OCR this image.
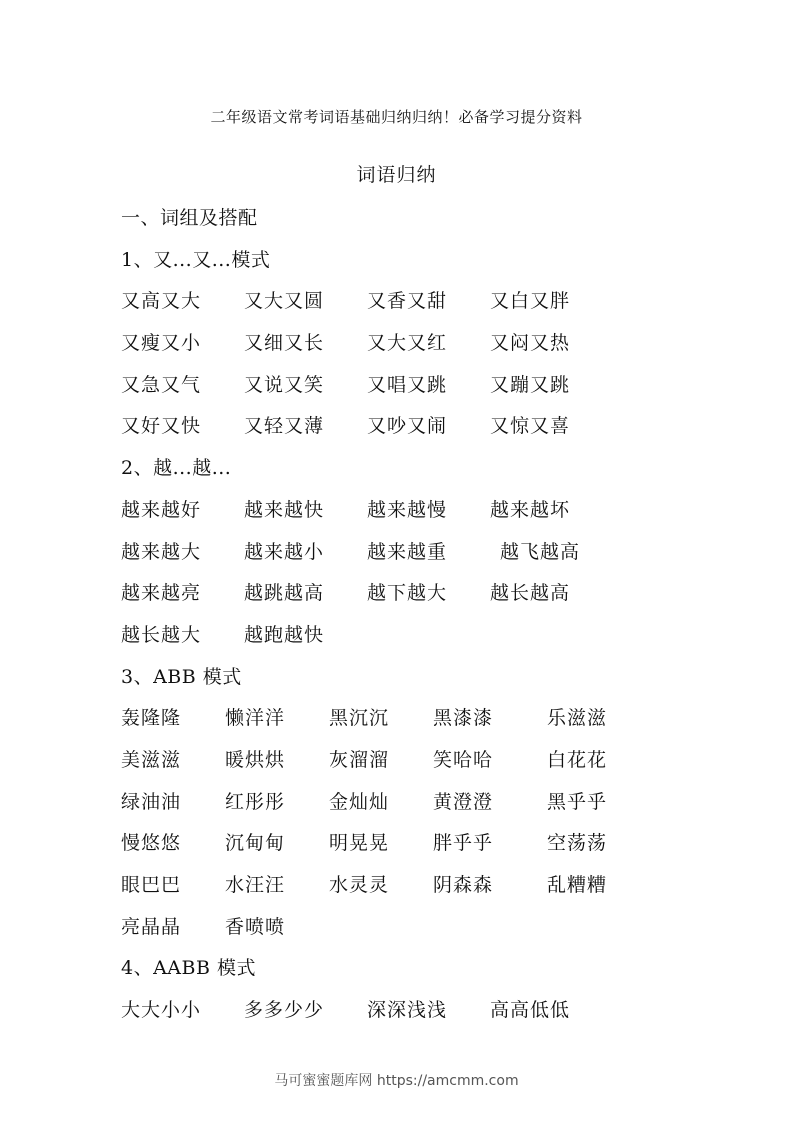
二年级语文常考词语基础归纳归纳！必备学习提分资料
词语归纳
一、词组及搭配
1、又...又...模式
又高又大	又大又圆	又香又甜	又白又胖
又瘦又小	又细又长	又大又红	又闷又热
又急又气	又说又笑	又唱又跳	又蹦又跳
又好又快	又轻又薄	又吵又闹	又惊又喜
2、越...越...
越来越好	越来越快	越来越慢	越来越坏
越来越大	越来越小	越来越重	越飞越高
越来越亮	越跳越高	越下越大	越长越高
越长越大	越跑越快
3、ABB 模式
轰隆隆	懒洋洋	黑沉沉	黑漆漆	乐滋滋
美滋滋	暖烘烘	灰溜溜	笑哈哈	白花花
绿油油	红彤彤	金灿灿	黄澄澄	黑乎乎
慢悠悠	沉甸甸	明晃晃	胖乎乎	空荡荡
眼巴巴	水汪汪	水灵灵	阴森森	乱糟糟
亮晶晶	香喷喷
4、AABB 模式
大大小小	多多少少	深深浅浅	高高低低
马可蜜蜜题库网 https://amcmm.com
